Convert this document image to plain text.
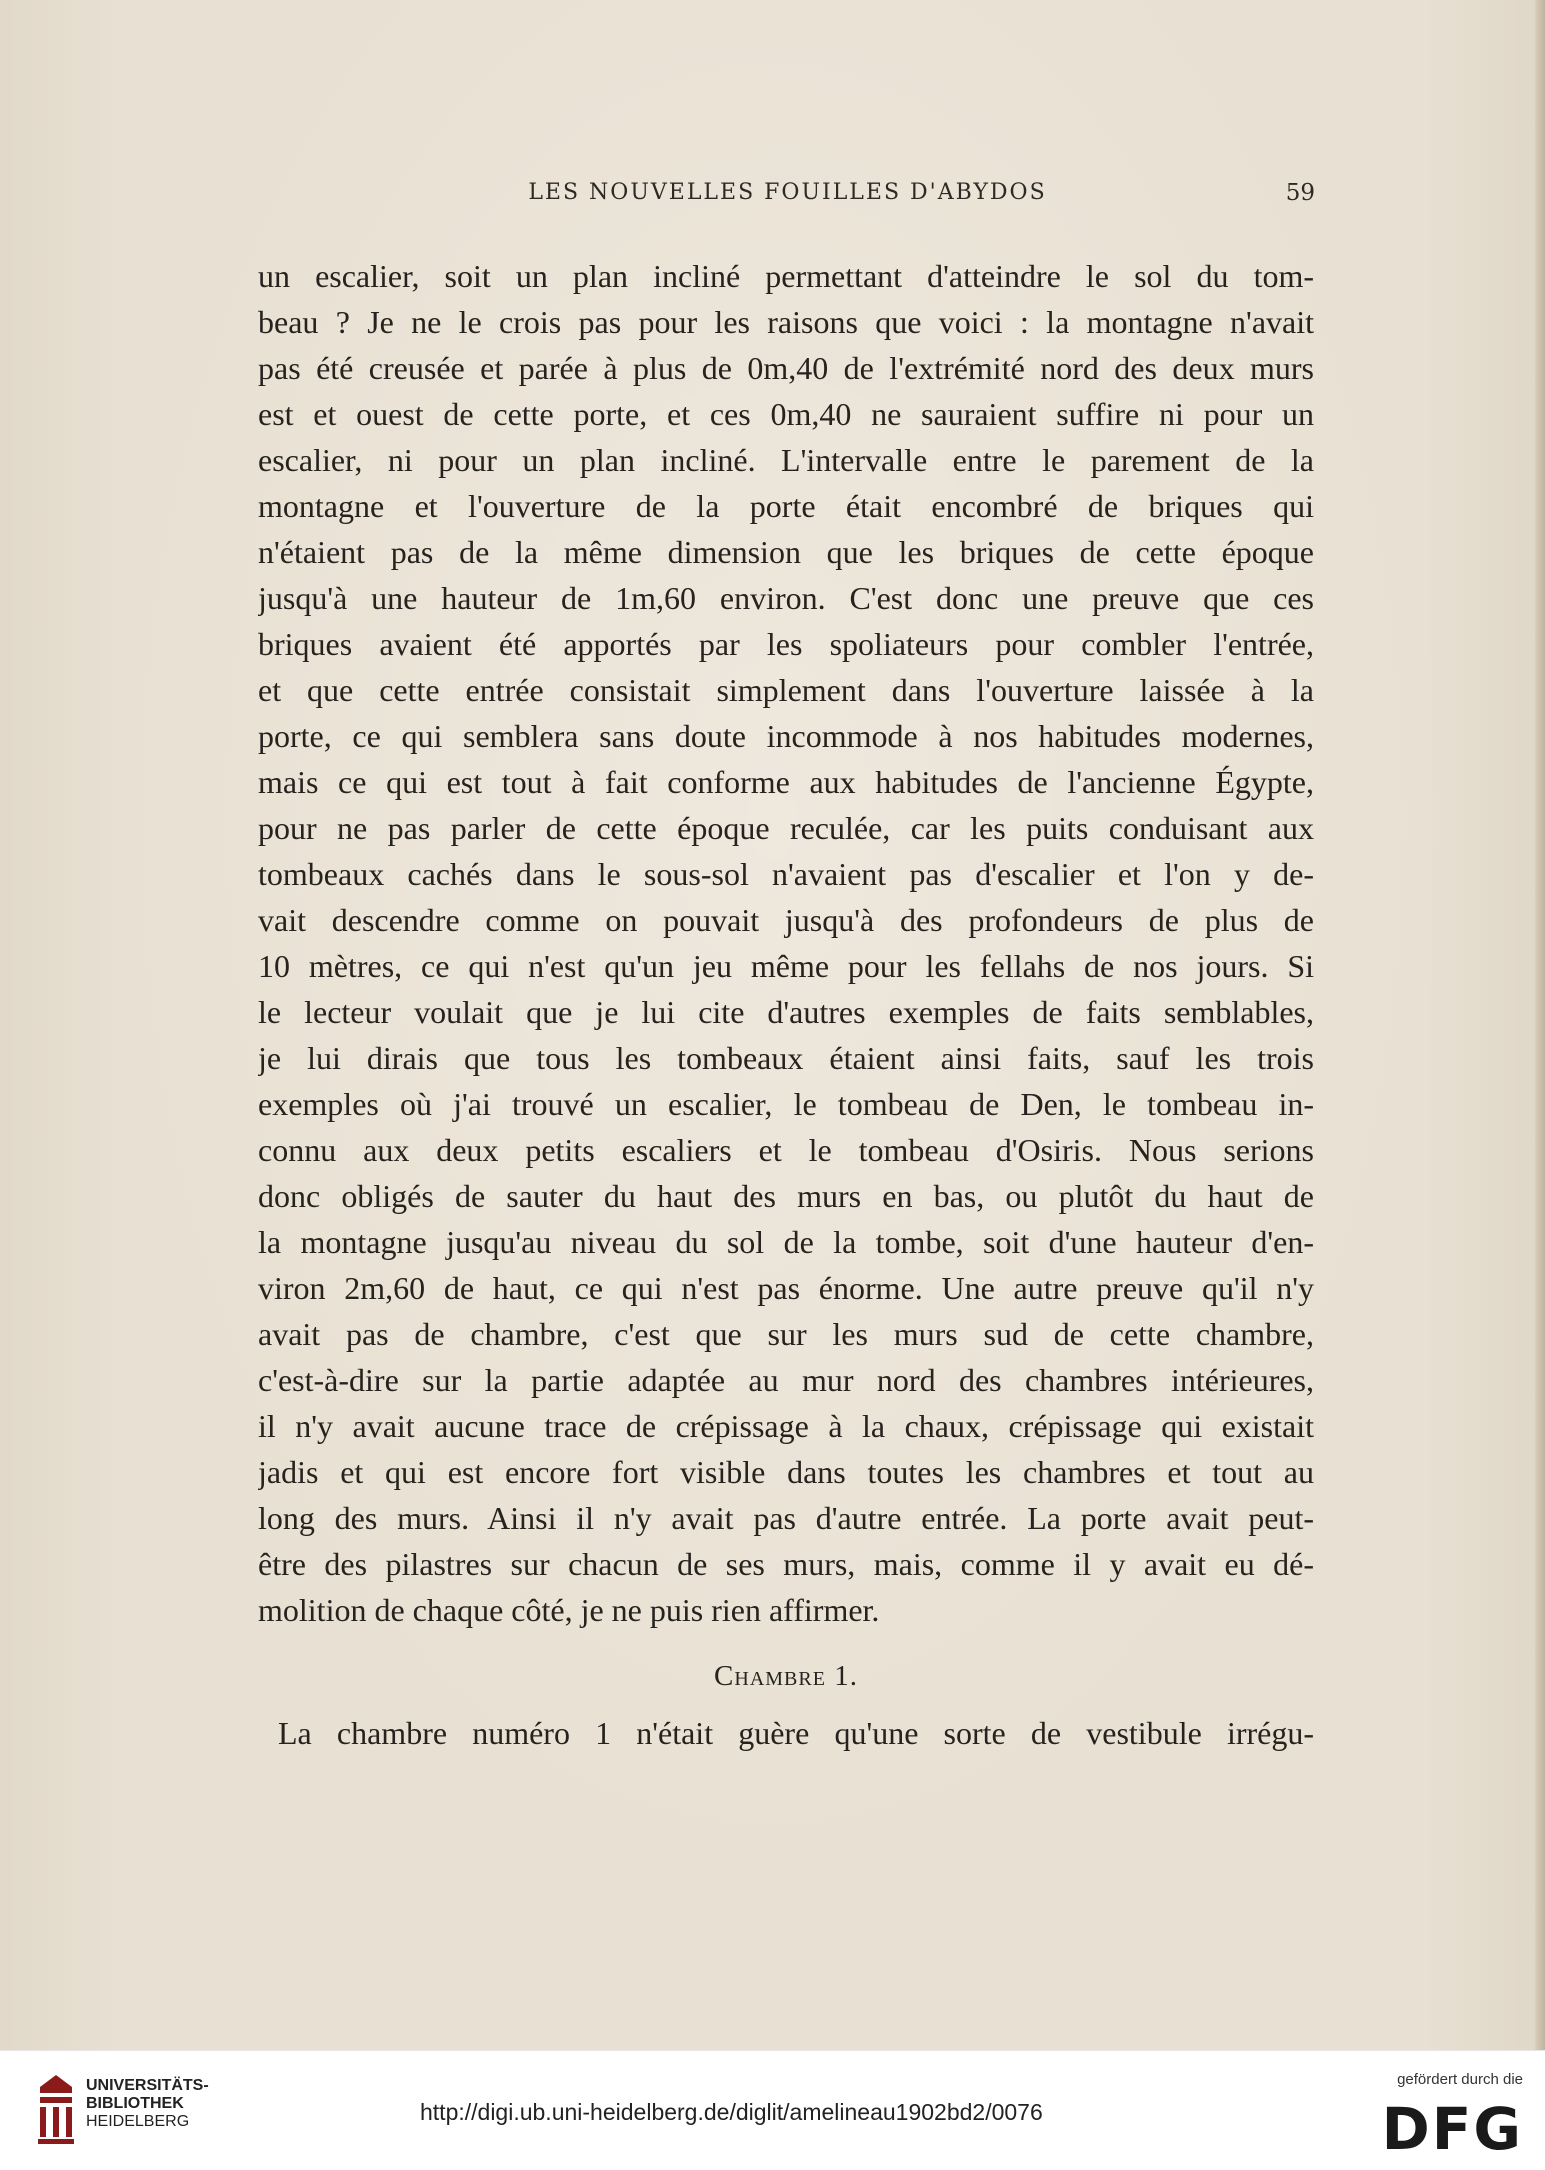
LES NOUVELLES FOUILLES D'ABYDOS	59
un escalier, soit un plan incliné permettant d'atteindre le sol du tom-
beau ? Je ne le crois pas pour les raisons que voici : la montagne n'avait
pas été creusée et parée à plus de 0m,40 de l'extrémité nord des deux murs
est et ouest de cette porte, et ces 0m,40 ne sauraient suffire ni pour un
escalier, ni pour un plan incliné. L'intervalle entre le parement de la
montagne et l'ouverture de la porte était encombré de briques qui
n'étaient pas de la même dimension que les briques de cette époque
jusqu'à une hauteur de 1m,60 environ. C'est donc une preuve que ces
briques avaient été apportés par les spoliateurs pour combler l'entrée,
et que cette entrée consistait simplement dans l'ouverture laissée à la
porte, ce qui semblera sans doute incommode à nos habitudes modernes,
mais ce qui est tout à fait conforme aux habitudes de l'ancienne Égypte,
pour ne pas parler de cette époque reculée, car les puits conduisant aux
tombeaux cachés dans le sous-sol n'avaient pas d'escalier et l'on y de-
vait descendre comme on pouvait jusqu'à des profondeurs de plus de
10 mètres, ce qui n'est qu'un jeu même pour les fellahs de nos jours. Si
le lecteur voulait que je lui cite d'autres exemples de faits semblables,
je lui dirais que tous les tombeaux étaient ainsi faits, sauf les trois
exemples où j'ai trouvé un escalier, le tombeau de Den, le tombeau in-
connu aux deux petits escaliers et le tombeau d'Osiris. Nous serions
donc obligés de sauter du haut des murs en bas, ou plutôt du haut de
la montagne jusqu'au niveau du sol de la tombe, soit d'une hauteur d'en-
viron 2m,60 de haut, ce qui n'est pas énorme. Une autre preuve qu'il n'y
avait pas de chambre, c'est que sur les murs sud de cette chambre,
c'est-à-dire sur la partie adaptée au mur nord des chambres intérieures,
il n'y avait aucune trace de crépissage à la chaux, crépissage qui existait
jadis et qui est encore fort visible dans toutes les chambres et tout au
long des murs. Ainsi il n'y avait pas d'autre entrée. La porte avait peut-
être des pilastres sur chacun de ses murs, mais, comme il y avait eu dé-
molition de chaque côté, je ne puis rien affirmer.
Chambre 1.
La chambre numéro 1 n'était guère qu'une sorte de vestibule irrégu-
UNIVERSITÄTS-
BIBLIOTHEK
HEIDELBERG	http://digi.ub.uni-heidelberg.de/diglit/amelineau1902bd2/0076
gefördert durch die
DFG
